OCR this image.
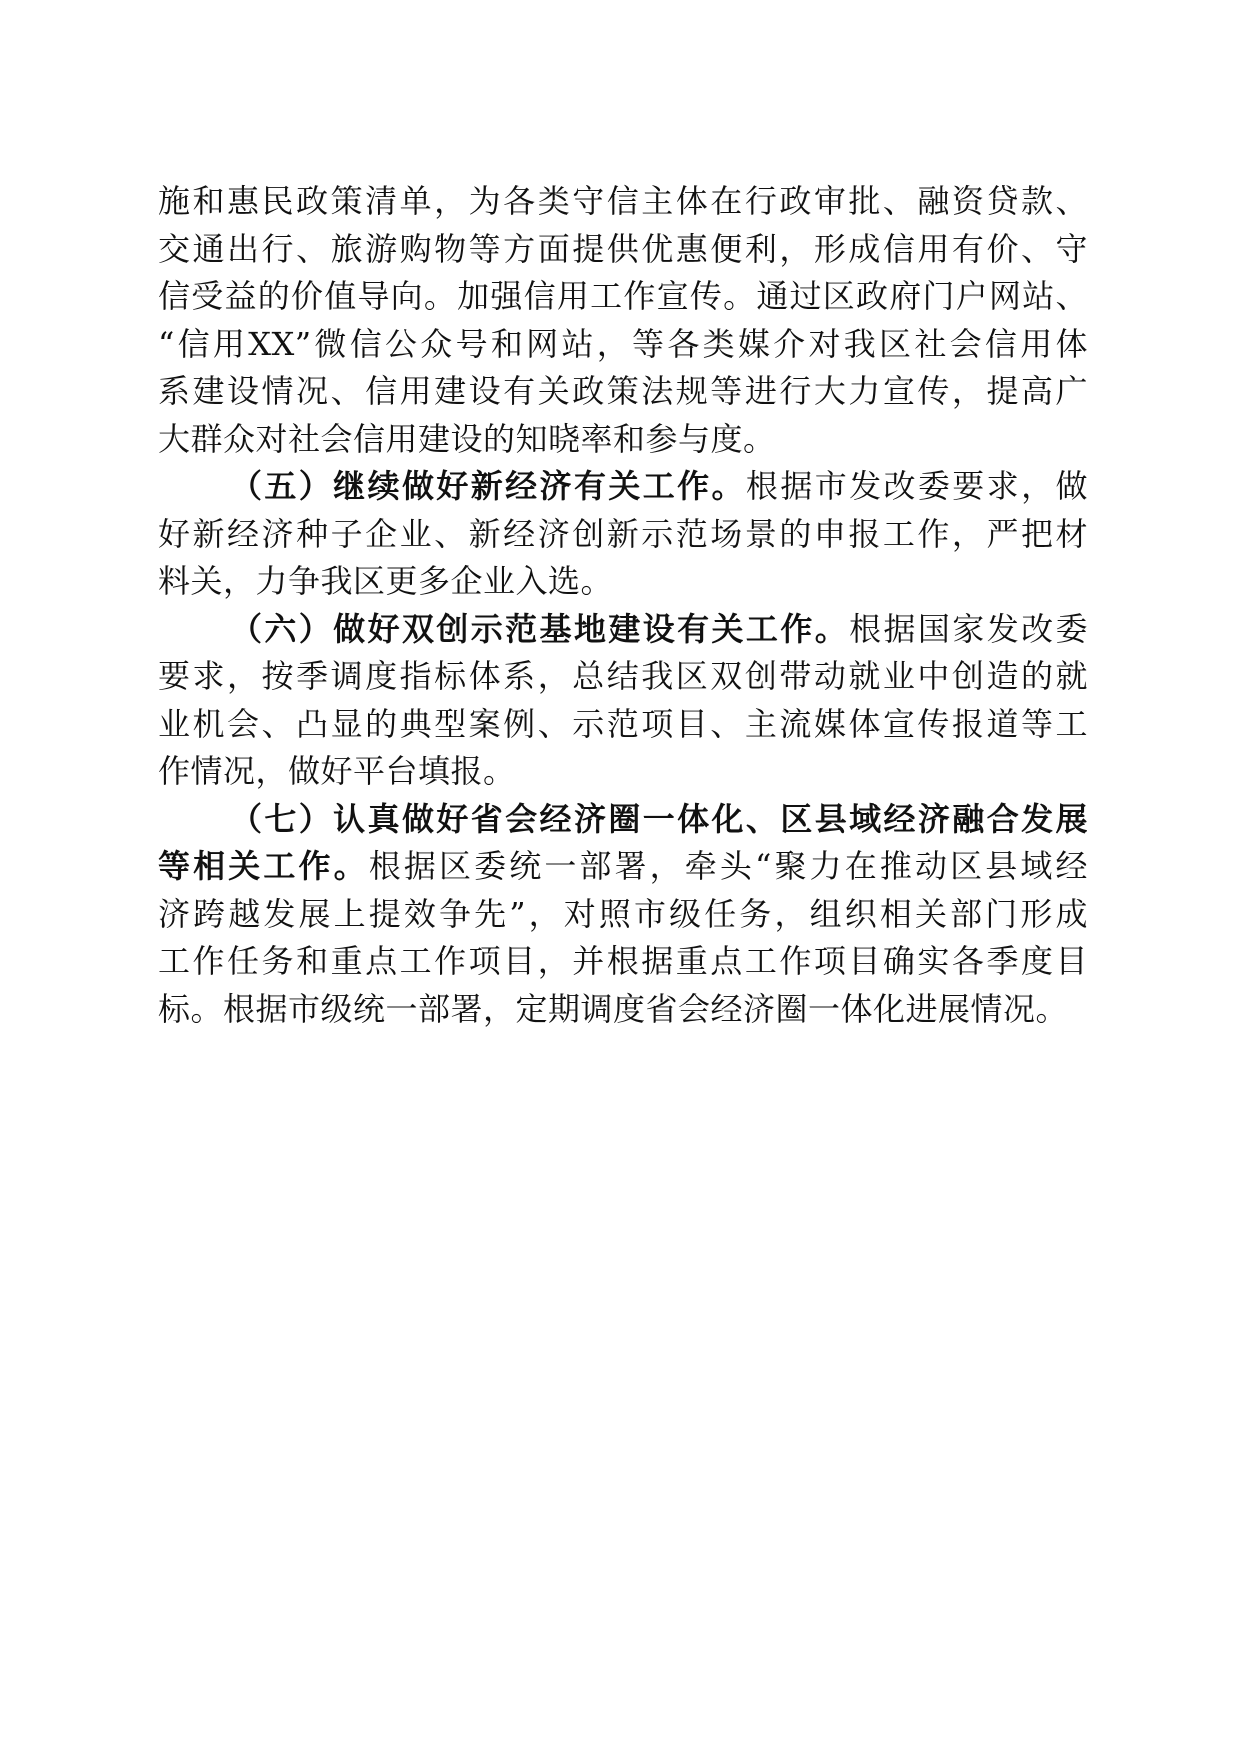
施和惠民政策清单，为各类守信主体在行政审批、融资贷款、
交通出行、旅游购物等方面提供优惠便利，形成信用有价、守
信受益的价值导向。加强信用工作宣传。通过区政府门户网站、
“信用XX”微信公众号和网站，等各类媒介对我区社会信用体
系建设情况、信用建设有关政策法规等进行大力宣传，提高广
大群众对社会信用建设的知晓率和参与度。
（五）继续做好新经济有关工作。根据市发改委要求，做
好新经济种子企业、新经济创新示范场景的申报工作，严把材
料关，力争我区更多企业入选。
（六）做好双创示范基地建设有关工作。根据国家发改委
要求，按季调度指标体系，总结我区双创带动就业中创造的就
业机会、凸显的典型案例、示范项目、主流媒体宣传报道等工
作情况，做好平台填报。
（七）认真做好省会经济圈一体化、区县域经济融合发展
等相关工作。根据区委统一部署，牵头“聚力在推动区县域经
济跨越发展上提效争先”，对照市级任务，组织相关部门形成
工作任务和重点工作项目，并根据重点工作项目确实各季度目
标。根据市级统一部署，定期调度省会经济圈一体化进展情况。
